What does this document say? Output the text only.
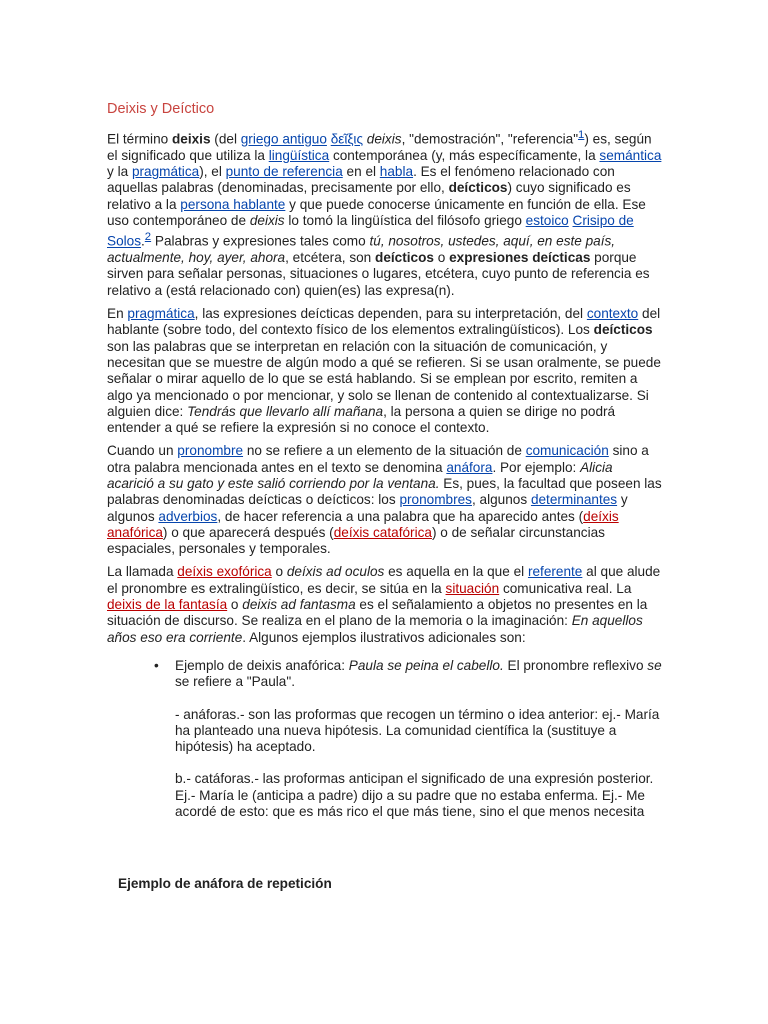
Deixis y Deíctico

El término deixis (del griego antiguo δεῖξις deixis, "demostración", "referencia"$^1$) es, según el significado que utiliza la lingüística contemporánea (y, más específicamente, la semántica y la pragmática), el punto de referencia en el habla. Es el fenómeno relacionado con aquellas palabras (denominadas, precisamente por ello, deícticos) cuyo significado es relativo a la persona hablante y que puede conocerse únicamente en función de ella. Ese uso contemporáneo de deixis lo tomó la lingüística del filósofo griego estoico Crisipo de Solos.$^2$ Palabras y expresiones tales como tú, nosotros, ustedes, aquí, en este país, actualmente, hoy, ayer, ahora, etcétera, son deícticos o expresiones deícticas porque sirven para señalar personas, situaciones o lugares, etcétera, cuyo punto de referencia es relativo a (está relacionado con) quien(es) las expresa(n).

En pragmática, las expresiones deícticas dependen, para su interpretación, del contexto del hablante (sobre todo, del contexto físico de los elementos extralingüísticos). Los deícticos son las palabras que se interpretan en relación con la situación de comunicación, y necesitan que se muestre de algún modo a qué se refieren. Si se usan oralmente, se puede señalar o mirar aquello de lo que se está hablando. Si se emplean por escrito, remiten a algo ya mencionado o por mencionar, y solo se llenan de contenido al contextualizarse. Si alguien dice: Tendrás que llevarlo allí mañana, la persona a quien se dirige no podrá entender a qué se refiere la expresión si no conoce el contexto.

Cuando un pronombre no se refiere a un elemento de la situación de comunicación sino a otra palabra mencionada antes en el texto se denomina anáfora. Por ejemplo: Alicia acarició a su gato y este salió corriendo por la ventana. Es, pues, la facultad que poseen las palabras denominadas deícticas o deícticos: los pronombres, algunos determinantes y algunos adverbios, de hacer referencia a una palabra que ha aparecido antes (deíxis anafórica) o que aparecerá después (deíxis catafórica) o de señalar circunstancias espaciales, personales y temporales.

La llamada deíxis exofórica o deíxis ad oculos es aquella en la que el referente al que alude el pronombre es extralingüístico, es decir, se sitúa en la situación comunicativa real. La deixis de la fantasía o deixis ad fantasma es el señalamiento a objetos no presentes en la situación de discurso. Se realiza en el plano de la memoria o la imaginación: En aquellos años eso era corriente. Algunos ejemplos ilustrativos adicionales son:

• Ejemplo de deixis anafórica: Paula se peina el cabello. El pronombre reflexivo se se refiere a "Paula".

- anáforas.- son las proformas que recogen un término o idea anterior: ej.- María ha planteado una nueva hipótesis. La comunidad científica la (sustituye a hipótesis) ha aceptado.

b.- catáforas.- las proformas anticipan el significado de una expresión posterior. Ej.- María le (anticipa a padre) dijo a su padre que no estaba enferma. Ej.- Me acordé de esto: que es más rico el que más tiene, sino el que menos necesita

Ejemplo de anáfora de repetición
